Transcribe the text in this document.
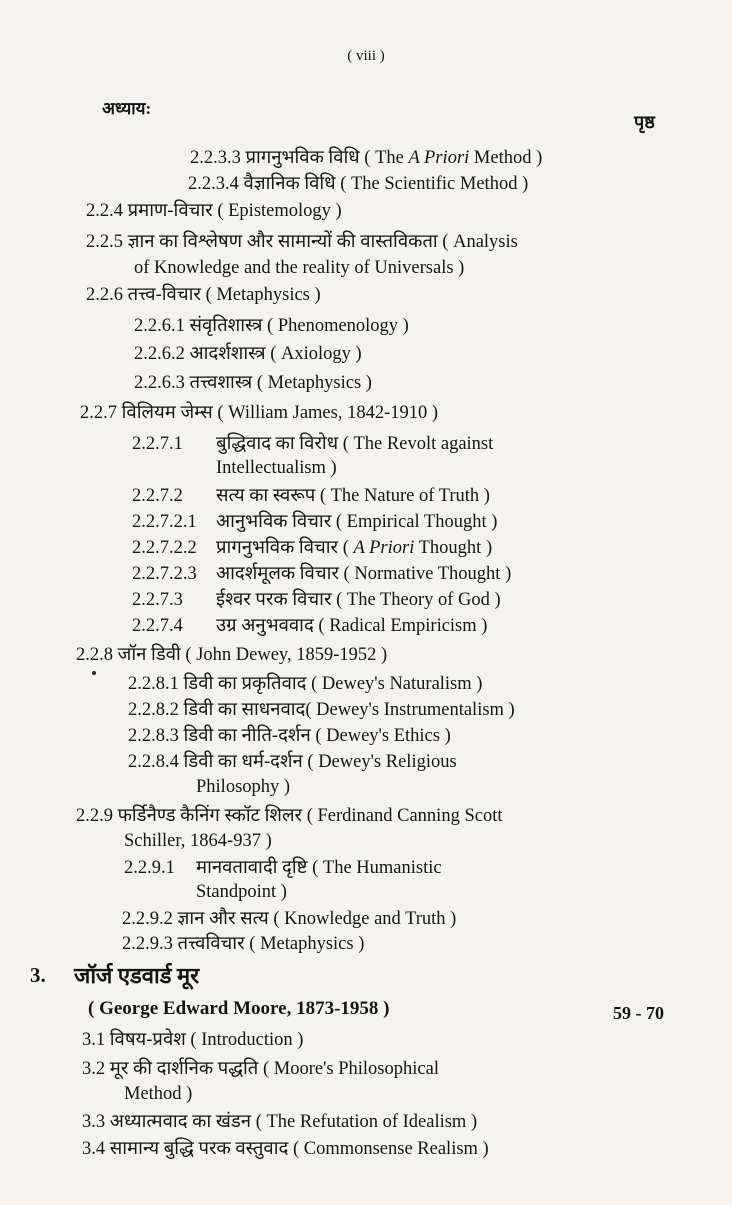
( viii )
अध्याय:
पृष्ठ
2.2.3.3 प्रागनुभविक विधि ( The A Priori Method )
2.2.3.4 वैज्ञानिक विधि ( The Scientific Method )
2.2.4 प्रमाण-विचार ( Epistemology )
2.2.5 ज्ञान का विश्लेषण और सामान्यों की वास्तविकता ( Analysis
of Knowledge and the reality of Universals )
2.2.6 तत्त्व-विचार ( Metaphysics )
2.2.6.1 संवृतिशास्त्र ( Phenomenology )
2.2.6.2 आदर्शशास्त्र ( Axiology )
2.2.6.3 तत्त्वशास्त्र ( Metaphysics )
2.2.7 विलियम जेम्स ( William James, 1842-1910 )
2.2.7.1 बुद्धिवाद का विरोध ( The Revolt against
Intellectualism )
2.2.7.2 सत्य का स्वरूप ( The Nature of Truth )
2.2.7.2.1 आनुभविक विचार ( Empirical Thought )
2.2.7.2.2 प्रागनुभविक विचार ( A Priori Thought )
2.2.7.2.3 आदर्शमूलक विचार ( Normative Thought )
2.2.7.3 ईश्वर परक विचार ( The Theory of God )
2.2.7.4 उग्र अनुभववाद ( Radical Empiricism )
2.2.8 जॉन डिवी ( John Dewey, 1859-1952 )
2.2.8.1 डिवी का प्रकृतिवाद ( Dewey's Naturalism )
2.2.8.2 डिवी का साधनवाद( Dewey's Instrumentalism )
2.2.8.3 डिवी का नीति-दर्शन ( Dewey's Ethics )
2.2.8.4 डिवी का धर्म-दर्शन ( Dewey's Religious
Philosophy )
2.2.9 फर्डिनैण्ड कैनिंग स्कॉट शिलर ( Ferdinand Canning Scott
Schiller, 1864-937 )
2.2.9.1 मानवतावादी दृष्टि ( The Humanistic
Standpoint )
2.2.9.2 ज्ञान और सत्य ( Knowledge and Truth )
2.2.9.3 तत्त्वविचार ( Metaphysics )
3. जॉर्ज एडवार्ड मूर
( George Edward Moore, 1873-1958 )	59 - 70
3.1 विषय-प्रवेश ( Introduction )
3.2 मूर की दार्शनिक पद्धति ( Moore's Philosophical
Method )
3.3 अध्यात्मवाद का खंडन ( The Refutation of Idealism )
3.4 सामान्य बुद्धि परक वस्तुवाद ( Commonsense Realism )
